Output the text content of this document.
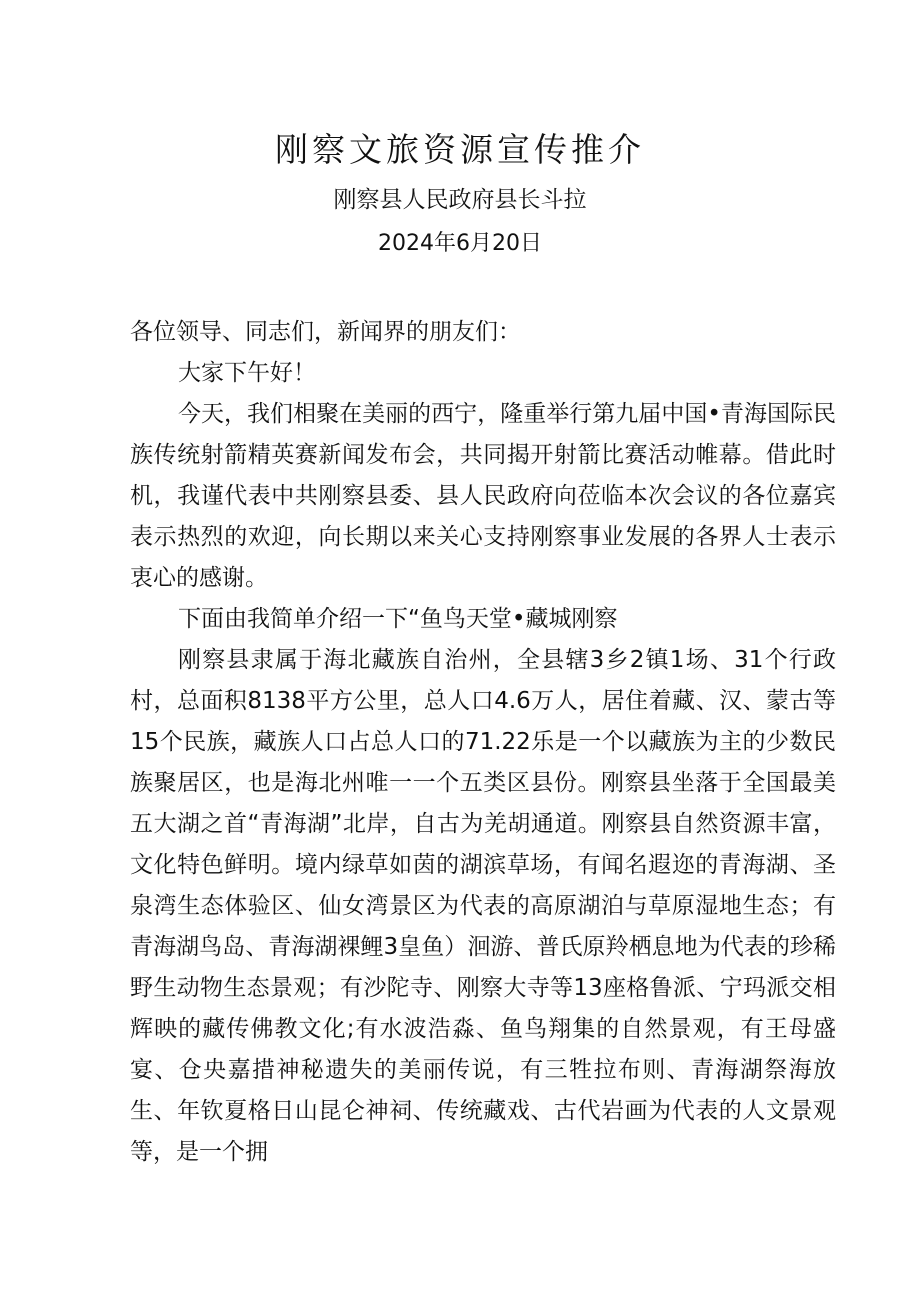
刚察文旅资源宣传推介
刚察县人民政府县长斗拉
2024年6月20日

各位领导、同志们，新闻界的朋友们：

大家下午好！

今天，我们相聚在美丽的西宁，隆重举行第九届中国•青海国际民族传统射箭精英赛新闻发布会，共同揭开射箭比赛活动帷幕。借此时机，我谨代表中共刚察县委、县人民政府向莅临本次会议的各位嘉宾表示热烈的欢迎，向长期以来关心支持刚察事业发展的各界人士表示衷心的感谢。

下面由我简单介绍一下“鱼鸟天堂•藏城刚察

刚察县隶属于海北藏族自治州，全县辖3乡2镇1场、31个行政村，总面积8138平方公里，总人口4.6万人，居住着藏、汉、蒙古等15个民族，藏族人口占总人口的71.22乐是一个以藏族为主的少数民族聚居区，也是海北州唯一一个五类区县份。刚察县坐落于全国最美五大湖之首“青海湖”北岸，自古为羌胡通道。刚察县自然资源丰富，文化特色鲜明。境内绿草如茵的湖滨草场，有闻名遐迩的青海湖、圣泉湾生态体验区、仙女湾景区为代表的高原湖泊与草原湿地生态；有青海湖鸟岛、青海湖裸鲤3皇鱼）洄游、普氏原羚栖息地为代表的珍稀野生动物生态景观；有沙陀寺、刚察大寺等13座格鲁派、宁玛派交相辉映的藏传佛教文化;有水波浩淼、鱼鸟翔集的自然景观，有王母盛宴、仓央嘉措神秘遗失的美丽传说，有三牲拉布则、青海湖祭海放生、年钦夏格日山昆仑神祠、传统藏戏、古代岩画为代表的人文景观等，是一个拥
